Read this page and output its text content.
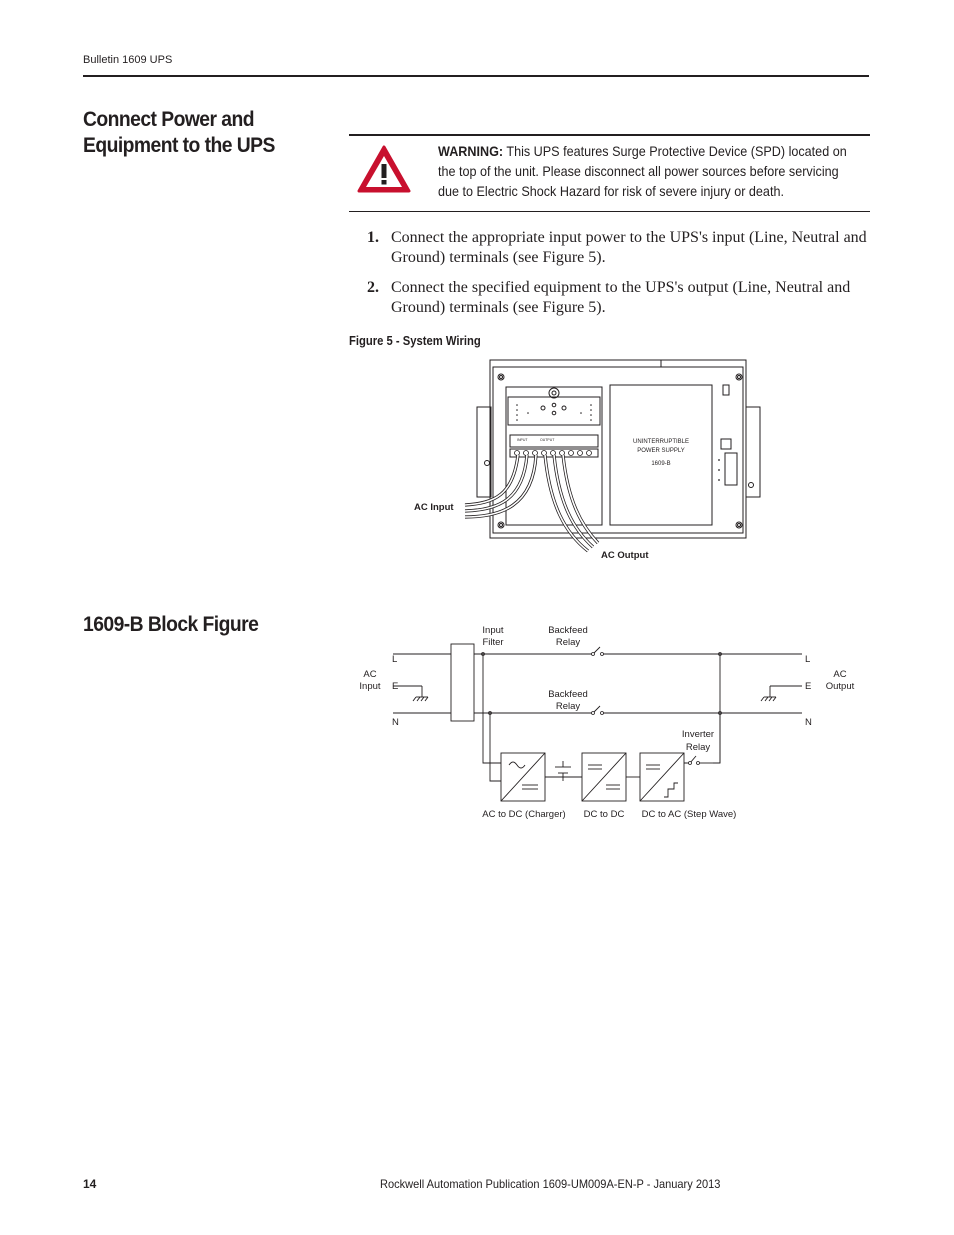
Bulletin 1609 UPS
Connect Power and
Equipment to the UPS	WARNING: This UPS features Surge Protective Device (SPD) located on the top of the unit. Please disconnect all power sources before servicing due to Electric Shock Hazard for risk of severe injury or death.
1. Connect the appropriate input power to the UPS's input (Line, Neutral and Ground) terminals (see Figure 5).
2. Connect the specified equipment to the UPS's output (Line, Neutral and Ground) terminals (see Figure 5).
Figure 5 - System Wiring
INPUT	OUTPUT	UNINTERRUPTIBLE
POWER SUPPLY
1609-B
AC Input
AC Output
1609-B Block Figure
AC
Input
AC
Output
L
E
N
L
E
N
Input
Filter
Backfeed
Relay
Backfeed
Relay
Inverter
Relay
AC to DC (Charger) DC to DC DC to AC (Step Wave)
14	Rockwell Automation Publication 1609-UM009A-EN-P - January 2013
